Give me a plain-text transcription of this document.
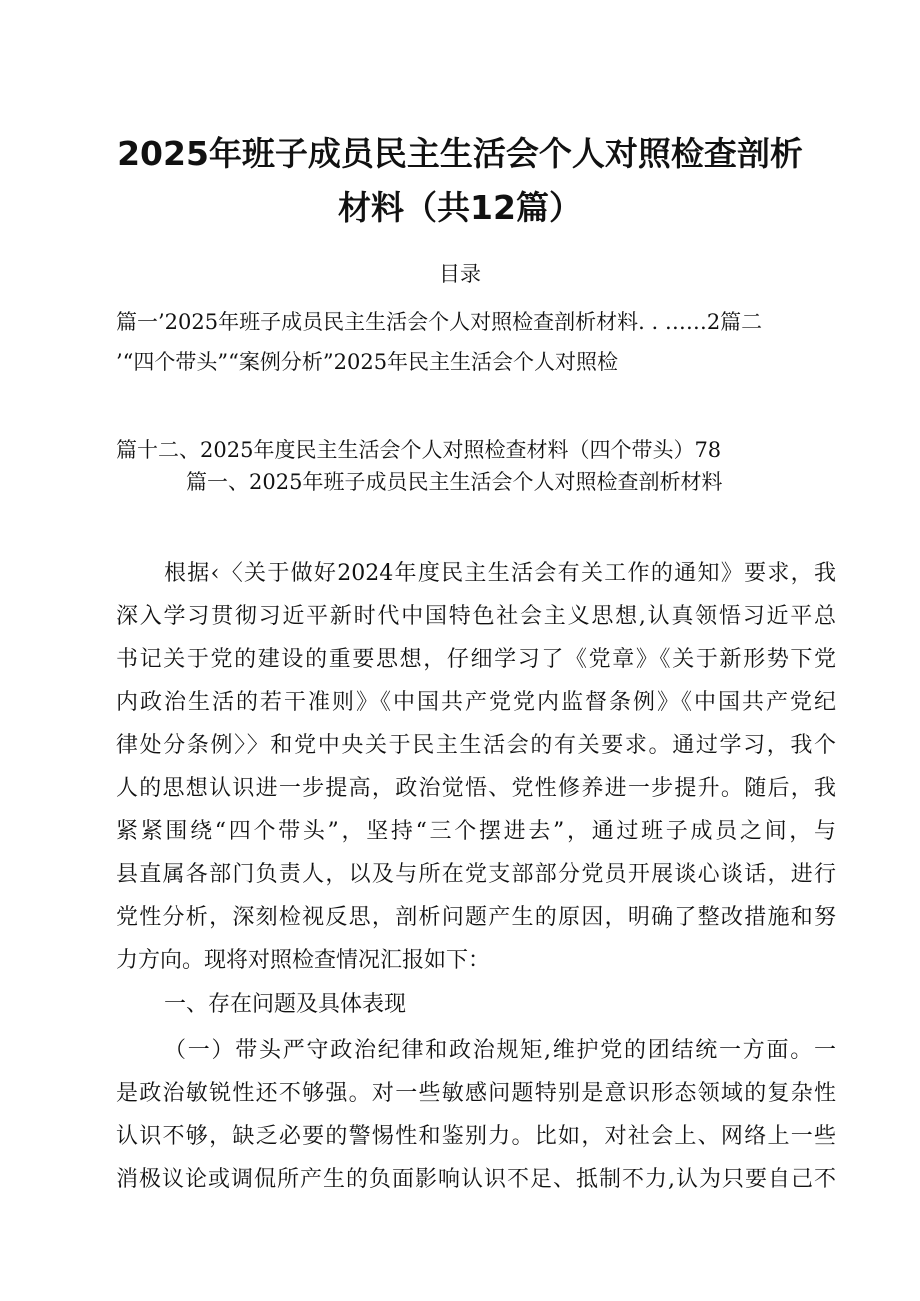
2025年班子成员民主生活会个人对照检查剖析
材料（共12篇）
目录
篇一’2025年班子成员民主生活会个人对照检查剖析材料. . ……2篇二
’“四个带头”“案例分析”2025年民主生活会个人对照检
篇十二、2025年度民主生活会个人对照检查材料（四个带头）78
篇一、2025年班子成员民主生活会个人对照检查剖析材料
根据‹〈关于做好2024年度民主生活会有关工作的通知》要求，我
深入学习贯彻习近平新时代中国特色社会主义思想,认真领悟习近平总
书记关于党的建设的重要思想，仔细学习了《党章》《关于新形势下党
内政治生活的若干准则》《中国共产党党内监督条例》《中国共产党纪
律处分条例〉〉和党中央关于民主生活会的有关要求。通过学习，我个
人的思想认识进一步提高，政治觉悟、党性修养进一步提升。随后，我
紧紧围绕“四个带头”，坚持“三个摆进去”，通过班子成员之间，与
县直属各部门负责人，以及与所在党支部部分党员开展谈心谈话，进行
党性分析，深刻检视反思，剖析问题产生的原因，明确了整改措施和努
力方向。现将对照检查情况汇报如下：
一、存在问题及具体表现
（一）带头严守政治纪律和政治规矩,维护党的团结统一方面。一
是政治敏锐性还不够强。对一些敏感问题特别是意识形态领域的复杂性
认识不够，缺乏必要的警惕性和鉴别力。比如，对社会上、网络上一些
消极议论或调侃所产生的负面影响认识不足、抵制不力,认为只要自己不
